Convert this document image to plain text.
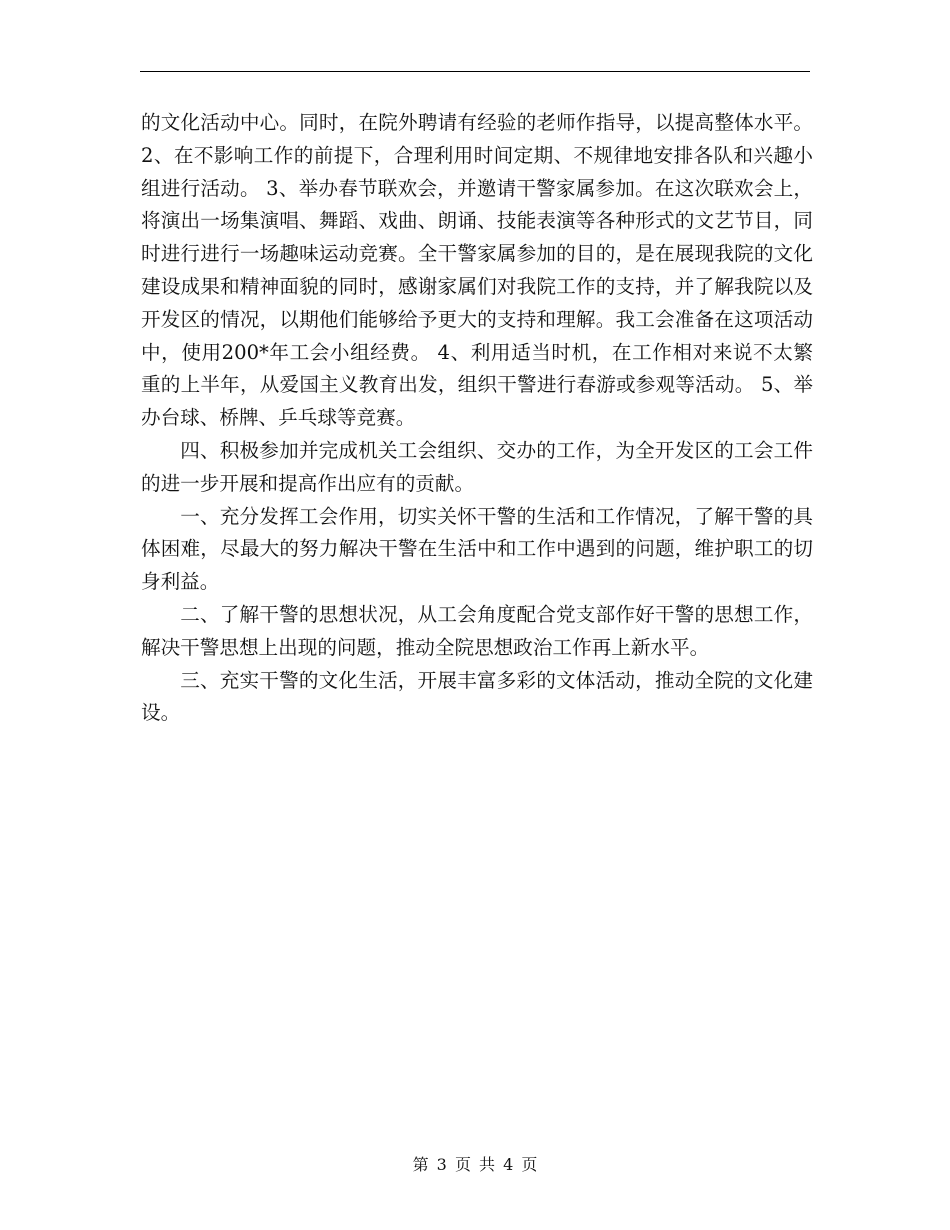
的文化活动中心。同时，在院外聘请有经验的老师作指导，以提高整体水平。 2、在不影响工作的前提下，合理利用时间定期、不规律地安排各队和兴趣小组进行活动。 3、举办春节联欢会，并邀请干警家属参加。在这次联欢会上，将演出一场集演唱、舞蹈、戏曲、朗诵、技能表演等各种形式的文艺节目，同时进行进行一场趣味运动竞赛。全干警家属参加的目的，是在展现我院的文化建设成果和精神面貌的同时，感谢家属们对我院工作的支持，并了解我院以及开发区的情况，以期他们能够给予更大的支持和理解。我工会准备在这项活动中，使用200*年工会小组经费。 4、利用适当时机，在工作相对来说不太繁重的上半年，从爱国主义教育出发，组织干警进行春游或参观等活动。 5、举办台球、桥牌、乒乓球等竞赛。

四、积极参加并完成机关工会组织、交办的工作，为全开发区的工会工件的进一步开展和提高作出应有的贡献。

一、充分发挥工会作用，切实关怀干警的生活和工作情况，了解干警的具体困难，尽最大的努力解决干警在生活中和工作中遇到的问题，维护职工的切身利益。

二、了解干警的思想状况，从工会角度配合党支部作好干警的思想工作，解决干警思想上出现的问题，推动全院思想政治工作再上新水平。

三、充实干警的文化生活，开展丰富多彩的文体活动，推动全院的文化建设。

第 3 页 共 4 页
